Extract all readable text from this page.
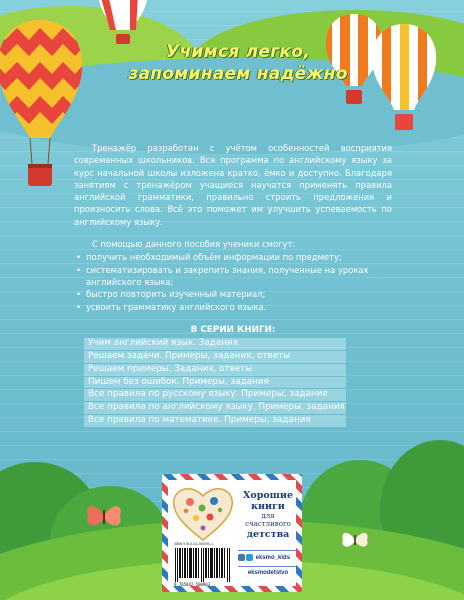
Учимся легко,
запоминаем надёжно

Тренажёр разработан с учётом особенностей восприятия современных школьников. Вся программа по английскому языку за курс начальной школы изложена кратко, ёмко и доступно. Благодаря занятиям с тренажёром учащиеся научатся применять правила английской грамматики, правильно строить предложения и произносить слова. Всё это поможет им улучшить успеваемость по английскому языку.

С помощью данного пособия ученики смогут:

• получить необходимый объём информации по предмету;
• систематизировать и закрепить знания, полученные на уроках английского языка;
• быстро повторить изученный материал;
• усвоить грамматику английского языка.
В СЕРИИ КНИГИ:
Учим английский язык. Задания
Решаем задачи. Примеры, задания, ответы
Решаем примеры. Задания, ответы
Пишем без ошибок. Примеры, задания
Все правила по русскому языку. Примеры, задания
Все правила по английскому языку. Примеры, задания
Все правила по математике. Примеры, задания
Хорошие
книги
для счастливого
детства
ISBN 978-5-04-250090-1
9 785042 500903
eksmo_kids
eksmodetstvo
